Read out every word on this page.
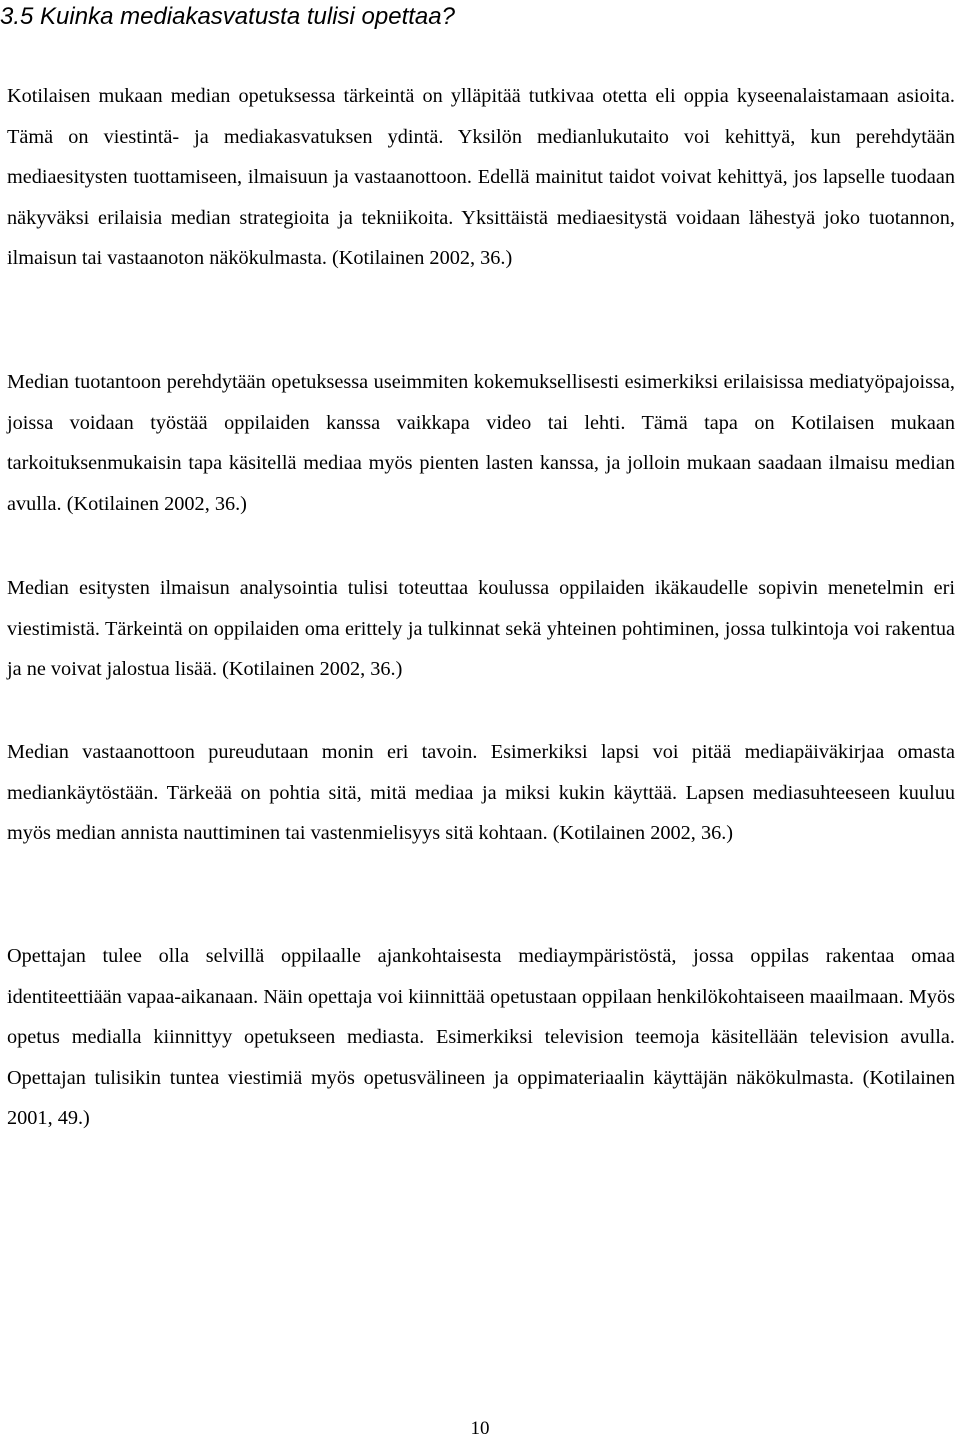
3.5 Kuinka mediakasvatusta tulisi opettaa?

Kotilaisen mukaan median opetuksessa tärkeintä on ylläpitää tutkivaa otetta eli oppia kyseenalaistamaan asioita. Tämä on viestintä- ja mediakasvatuksen ydintä. Yksilön medianlukutaito voi kehittyä, kun perehdytään mediaesitysten tuottamiseen, ilmaisuun ja vastaanottoon. Edellä mainitut taidot voivat kehittyä, jos lapselle tuodaan näkyväksi erilaisia median strategioita ja tekniikoita. Yksittäistä mediaesitystä voidaan lähestyä joko tuotannon, ilmaisun tai vastaanoton näkökulmasta. (Kotilainen 2002, 36.)

Median tuotantoon perehdytään opetuksessa useimmiten kokemuksellisesti esimerkiksi erilaisissa mediatyöpajoissa, joissa voidaan työstää oppilaiden kanssa vaikkapa video tai lehti. Tämä tapa on Kotilaisen mukaan tarkoituksenmukaisin tapa käsitellä mediaa myös pienten lasten kanssa, ja jolloin mukaan saadaan ilmaisu median avulla. (Kotilainen 2002, 36.)

Median esitysten ilmaisun analysointia tulisi toteuttaa koulussa oppilaiden ikäkaudelle sopivin menetelmin eri viestimistä. Tärkeintä on oppilaiden oma erittely ja tulkinnat sekä yhteinen pohtiminen, jossa tulkintoja voi rakentua ja ne voivat jalostua lisää. (Kotilainen 2002, 36.)

Median vastaanottoon pureudutaan monin eri tavoin. Esimerkiksi lapsi voi pitää mediapäiväkirjaa omasta mediankäytöstään. Tärkeää on pohtia sitä, mitä mediaa ja miksi kukin käyttää. Lapsen mediasuhteeseen kuuluu myös median annista nauttiminen tai vastenmielisyys sitä kohtaan. (Kotilainen 2002, 36.)

Opettajan tulee olla selvillä oppilaalle ajankohtaisesta mediaympäristöstä, jossa oppilas rakentaa omaa identiteettiään vapaa-aikanaan. Näin opettaja voi kiinnittää opetustaan oppilaan henkilökohtaiseen maailmaan. Myös opetus medialla kiinnittyy opetukseen mediasta. Esimerkiksi television teemoja käsitellään television avulla. Opettajan tulisikin tuntea viestimiä myös opetusvälineen ja oppimateriaalin käyttäjän näkökulmasta. (Kotilainen 2001, 49.)

10
